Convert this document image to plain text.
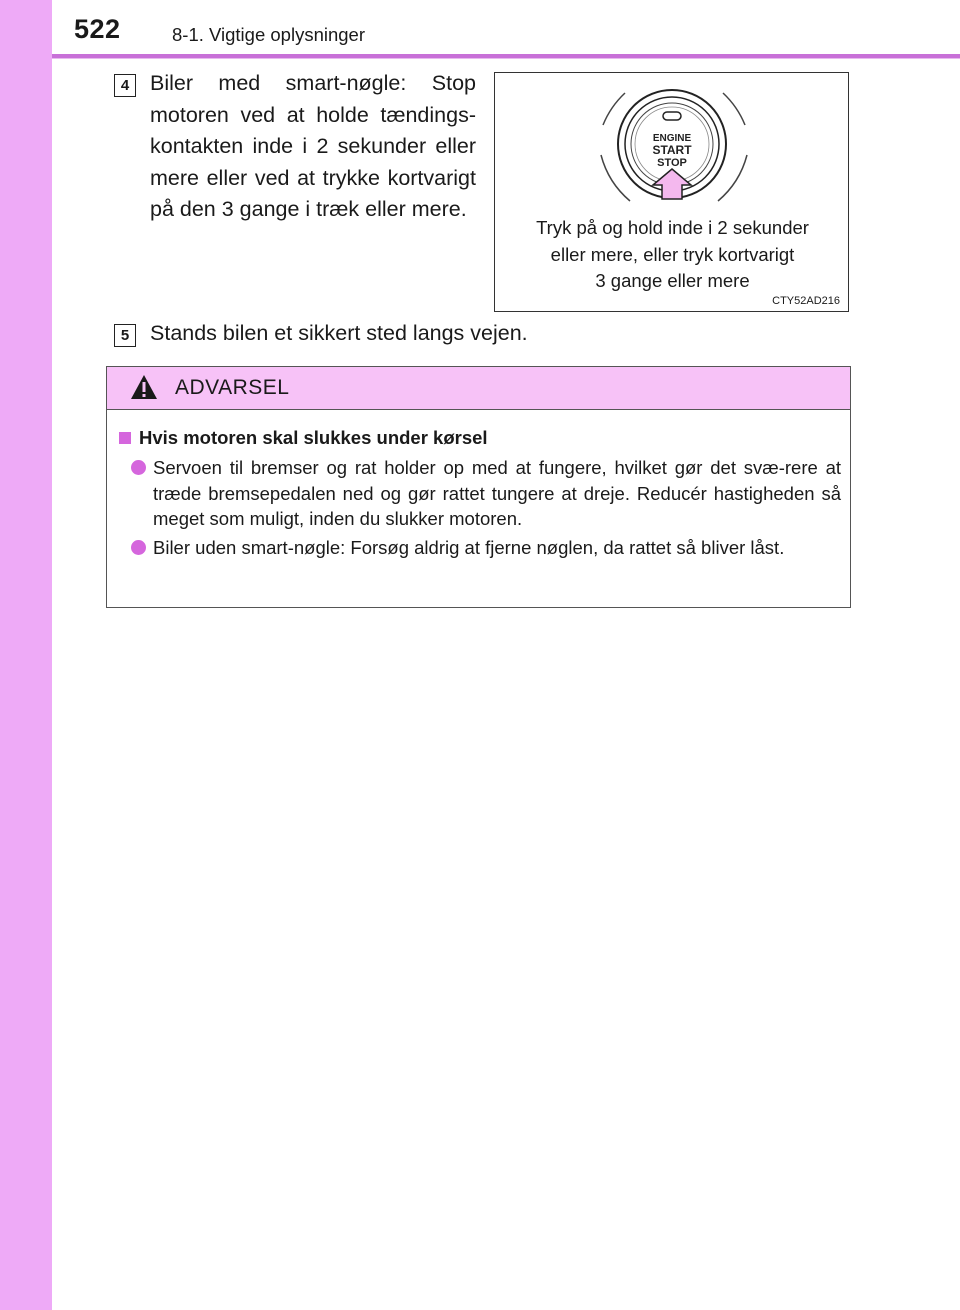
522	8-1. Vigtige oplysninger
4 Biler med smart-nøgle: Stop motoren ved at holde tændings-kontakten inde i 2 sekunder eller mere eller ved at trykke kortvarigt på den 3 gange i træk eller mere.
ENGINE
START
STOP
Tryk på og hold inde i 2 sekunder
eller mere, eller tryk kortvarigt
3 gange eller mere
CTY52AD216
5 Stands bilen et sikkert sted langs vejen.
ADVARSEL
Hvis motoren skal slukkes under kørsel
Servoen til bremser og rat holder op med at fungere, hvilket gør det svæ-rere at træde bremsepedalen ned og gør rattet tungere at dreje. Reducér hastigheden så meget som muligt, inden du slukker motoren.
Biler uden smart-nøgle: Forsøg aldrig at fjerne nøglen, da rattet så bliver låst.
